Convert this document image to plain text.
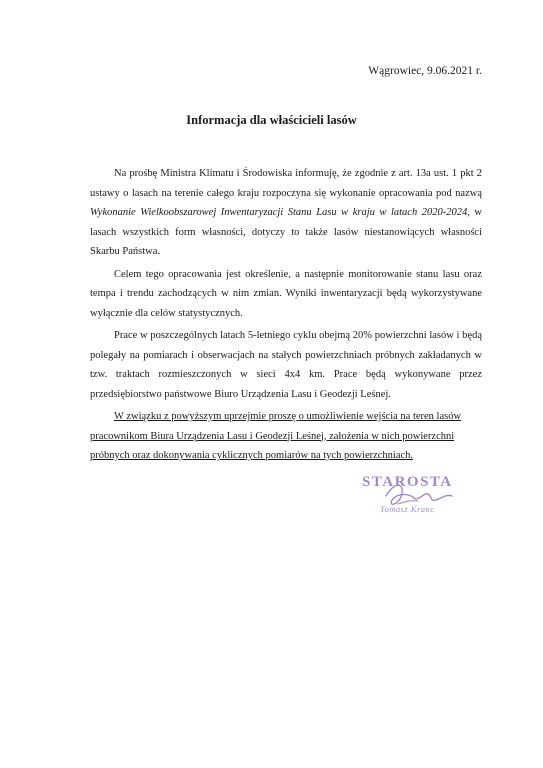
Wągrowiec, 9.06.2021 r.
Informacja dla właścicieli lasów

Na prośbę Ministra Klimatu i Środowiska informuję, że zgodnie z art. 13a ust. 1 pkt 2 ustawy o lasach na terenie całego kraju rozpoczyna się wykonanie opracowania pod nazwą Wykonanie Wielkoobszarowej Inwentaryzacji Stanu Lasu w kraju w latach 2020-2024, w lasach wszystkich form własności, dotyczy to także lasów niestanowiących własności Skarbu Państwa.

Celem tego opracowania jest określenie, a następnie monitorowanie stanu lasu oraz tempa i trendu zachodzących w nim zmian. Wyniki inwentaryzacji będą wykorzystywane wyłącznie dla celów statystycznych.

Prace w poszczególnych latach 5-letniego cyklu obejmą 20% powierzchni lasów i będą polegały na pomiarach i obserwacjach na stałych powierzchniach próbnych zakładanych w tzw. traktach rozmieszczonych w sieci 4x4 km. Prace będą wykonywane przez przedsiębiorstwo państwowe Biuro Urządzenia Lasu i Geodezji Leśnej.

W związku z powyższym uprzejmie proszę o umożliwienie wejścia na teren lasów pracownikom Biura Urządzenia Lasu i Geodezji Leśnej, założenia w nich powierzchni próbnych oraz dokonywania cyklicznych pomiarów na tych powierzchniach.

STAROSTA
Tomasz Kranc
